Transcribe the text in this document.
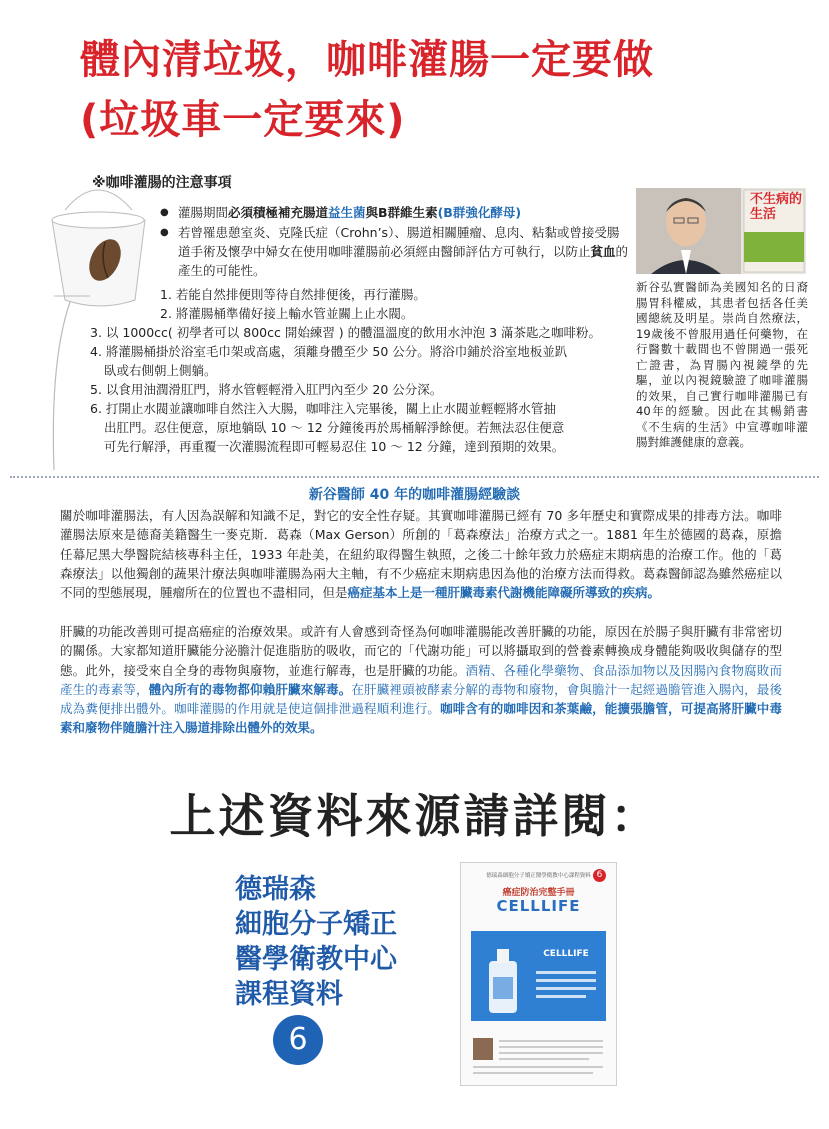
體內清垃圾，咖啡灌腸一定要做
(垃圾車一定要來)
※咖啡灌腸的注意事項
● 灌腸期間必須積極補充腸道益生菌與B群維生素(B群強化酵母)
● 若曾罹患憩室炎、克隆氏症（Crohn’s）、腸道相關腫瘤、息肉、粘黏或曾接受腸道手術及懷孕中婦女在使用咖啡灌腸前必須經由醫師評估方可執行，以防止貧血的產生的可能性。
1. 若能自然排便則等待自然排便後，再行灌腸。
2. 將灌腸桶準備好接上輸水管並關上止水閥。
3. 以 1000cc( 初學者可以 800cc 開始練習 ) 的體溫溫度的飲用水沖泡 3 滿茶匙之咖啡粉。
4. 將灌腸桶掛於浴室毛巾架或高處，須離身體至少 50 公分。將浴巾鋪於浴室地板並趴
臥或右側朝上側躺。
5. 以食用油潤滑肛門，將水管輕輕滑入肛門內至少 20 公分深。
6. 打開止水閥並讓咖啡自然注入大腸，咖啡注入完畢後，關上止水閥並輕輕將水管抽
出肛門。忍住便意，原地躺臥 10 ～ 12 分鐘後再於馬桶解淨餘便。若無法忍住便意
可先行解淨，再重覆一次灌腸流程即可輕易忍住 10 ～ 12 分鐘，達到預期的效果。
不生病的生活
新谷弘實醫師為美國知名的日裔腸胃科權威，其患者包括各任美國總統及明星。崇尚自然療法，19歲後不曾服用過任何藥物，在行醫數十載間也不曾開過一張死亡證書，為胃腸內視鏡學的先驅，並以內視鏡驗證了咖啡灌腸的效果，自己實行咖啡灌腸已有40年的經驗。因此在其暢銷書《不生病的生活》中宣導咖啡灌腸對維護健康的意義。
新谷醫師 40 年的咖啡灌腸經驗談
關於咖啡灌腸法，有人因為誤解和知識不足，對它的安全性存疑。其實咖啡灌腸已經有 70 多年歷史和實際成果的排毒方法。咖啡灌腸法原來是德裔美籍醫生一麥克斯．葛森（Max Gerson）所創的「葛森療法」治療方式之一。1881 年生於德國的葛森，原擔任幕尼黑大學醫院結核專科主任，1933 年赴美，在紐約取得醫生執照，之後二十餘年致力於癌症末期病患的治療工作。他的「葛森療法」以他獨創的蔬果汁療法與咖啡灌腸為兩大主軸，有不少癌症末期病患因為他的治療方法而得救。葛森醫師認為雖然癌症以不同的型態展現，腫瘤所在的位置也不盡相同，但是癌症基本上是一種肝臟毒素代謝機能障礙所導致的疾病。
肝臟的功能改善則可提高癌症的治療效果。或許有人會感到奇怪為何咖啡灌腸能改善肝臟的功能，原因在於腸子與肝臟有非常密切的關係。大家都知道肝臟能分泌膽汁促進脂肪的吸收，而它的「代謝功能」可以將攝取到的營養素轉換成身體能夠吸收與儲存的型態。此外，接受來自全身的毒物與廢物，並進行解毒，也是肝臟的功能。酒精、各種化學藥物、食品添加物以及因腸內食物腐敗而產生的毒素等，體內所有的毒物都仰賴肝臟來解毒。在肝臟裡頭被酵素分解的毒物和廢物，會與膽汁一起經過膽管進入腸內，最後成為糞便排出體外。咖啡灌腸的作用就是使這個排泄過程順利進行。咖啡含有的咖啡因和茶葉鹼，能擴張膽管，可提高將肝臟中毒素和廢物伴隨膽汁注入腸道排除出體外的效果。
上述資料來源請詳閱：
德瑞森
細胞分子矯正
醫學衛教中心
課程資料
6
德瑞森細胞分子矯正醫學衛教中心課程資料 6
癌症防治完整手冊
CELLLIFE
CELLLIFE
